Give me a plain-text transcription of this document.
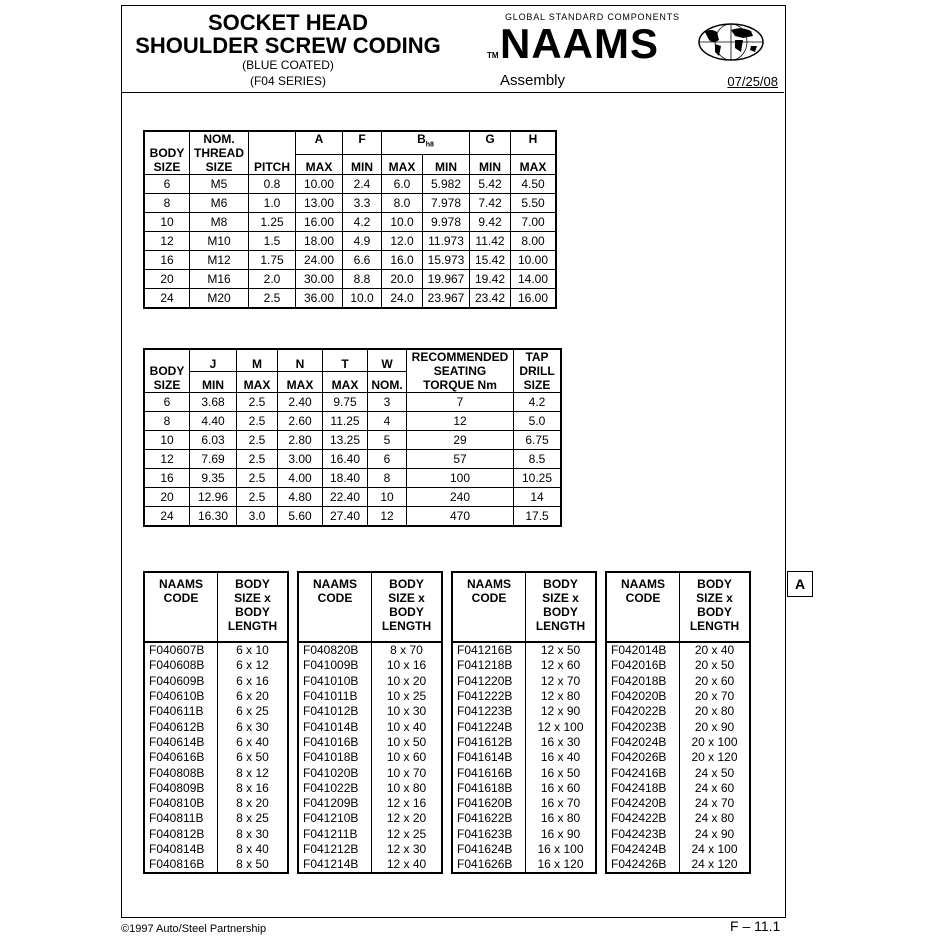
SOCKET HEAD
SHOULDER SCREW CODING
(BLUE COATED)
(F04 SERIES)
GLOBAL STANDARD COMPONENTS
TM NAAMS
Assembly	07/25/08
BODY SIZE	NOM. THREAD SIZE	PITCH	A	F	$B_{h8}$		G	H
			MAX	MIN	MAX	MIN	MIN	MAX
6	M5	0.8	10.00	2.4	6.0	5.982	5.42	4.50
8	M6	1.0	13.00	3.3	8.0	7.978	7.42	5.50
10	M8	1.25	16.00	4.2	10.0	9.978	9.42	7.00
12	M10	1.5	18.00	4.9	12.0	11.973	11.42	8.00
16	M12	1.75	24.00	6.6	16.0	15.973	15.42	10.00
20	M16	2.0	30.00	8.8	20.0	19.967	19.42	14.00
24	M20	2.5	36.00	10.0	24.0	23.967	23.42	16.00
BODY SIZE	J	M	N	T	W	RECOMMENDED SEATING TORQUE Nm	TAP DRILL SIZE
	MIN	MAX	MAX	MAX	NOM.		
6	3.68	2.5	2.40	9.75	3	7	4.2
8	4.40	2.5	2.60	11.25	4	12	5.0
10	6.03	2.5	2.80	13.25	5	29	6.75
12	7.69	2.5	3.00	16.40	6	57	8.5
16	9.35	2.5	4.00	18.40	8	100	10.25
20	12.96	2.5	4.80	22.40	10	240	14
24	16.30	3.0	5.60	27.40	12	470	17.5
NAAMS CODE	BODY SIZE x BODY LENGTH
F040607B	6 x 10
F040608B	6 x 12
F040609B	6 x 16
F040610B	6 x 20
F040611B	6 x 25
F040612B	6 x 30
F040614B	6 x 40
F040616B	6 x 50
F040808B	8 x 12
F040809B	8 x 16
F040810B	8 x 20
F040811B	8 x 25
F040812B	8 x 30
F040814B	8 x 40
F040816B	8 x 50
NAAMS CODE	BODY SIZE x BODY LENGTH
F040820B	8 x 70
F041009B	10 x 16
F041010B	10 x 20
F041011B	10 x 25
F041012B	10 x 30
F041014B	10 x 40
F041016B	10 x 50
F041018B	10 x 60
F041020B	10 x 70
F041022B	10 x 80
F041209B	12 x 16
F041210B	12 x 20
F041211B	12 x 25
F041212B	12 x 30
F041214B	12 x 40
NAAMS CODE	BODY SIZE x BODY LENGTH
F041216B	12 x 50
F041218B	12 x 60
F041220B	12 x 70
F041222B	12 x 80
F041223B	12 x 90
F041224B	12 x 100
F041612B	16 x 30
F041614B	16 x 40
F041616B	16 x 50
F041618B	16 x 60
F041620B	16 x 70
F041622B	16 x 80
F041623B	16 x 90
F041624B	16 x 100
F041626B	16 x 120
NAAMS CODE	BODY SIZE x BODY LENGTH
F042014B	20 x 40
F042016B	20 x 50
F042018B	20 x 60
F042020B	20 x 70
F042022B	20 x 80
F042023B	20 x 90
F042024B	20 x 100
F042026B	20 x 120
F042416B	24 x 50
F042418B	24 x 60
F042420B	24 x 70
F042422B	24 x 80
F042423B	24 x 90
F042424B	24 x 100
F042426B	24 x 120
A
©1997 Auto/Steel Partnership	F – 11.1
